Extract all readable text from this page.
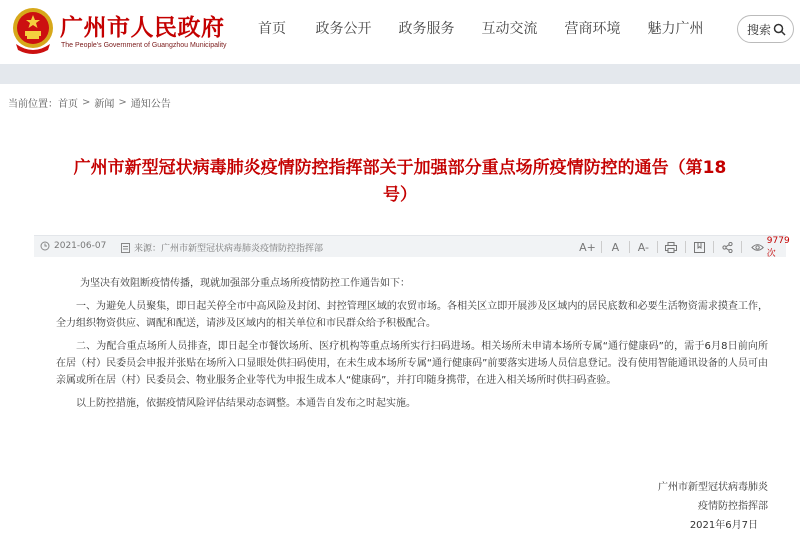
广州市人民政府
The People's Government of Guangzhou Municipality
首页	政务公开	政务服务	互动交流	营商环境	魅力广州	搜索
当前位置： 首页 > 新闻 > 通知公告
广州市新型冠状病毒肺炎疫情防控指挥部关于加强部分重点场所疫情防控的通告（第18
号）
2021-06-07	来源：广州市新型冠状病毒肺炎疫情防控指挥部	A+	A	A-	9779次

为坚决有效阻断疫情传播，现就加强部分重点场所疫情防控工作通告如下：

一、为避免人员聚集，即日起关停全市中高风险及封闭、封控管理区域的农贸市场。各相关区立即开展涉及区域内的居民底数和必要生活物资需求摸查工作，全力组织物资供应、调配和配送，请涉及区域内的相关单位和市民群众给予积极配合。

二、为配合重点场所人员排查，即日起全市餐饮场所、医疗机构等重点场所实行扫码进场。相关场所未申请本场所专属“通行健康码”的，需于6月8日前向所在居（村）民委员会申报并张贴在场所入口显眼处供扫码使用，在未生成本场所专属“通行健康码”前要落实进场人员信息登记。没有使用智能通讯设备的人员可由亲属或所在居（村）民委员会、物业服务企业等代为申报生成本人“健康码”，并打印随身携带，在进入相关场所时供扫码查验。

以上防控措施，依据疫情风险评估结果动态调整。本通告自发布之时起实施。

广州市新型冠状病毒肺炎
疫情防控指挥部
2021年6月7日
